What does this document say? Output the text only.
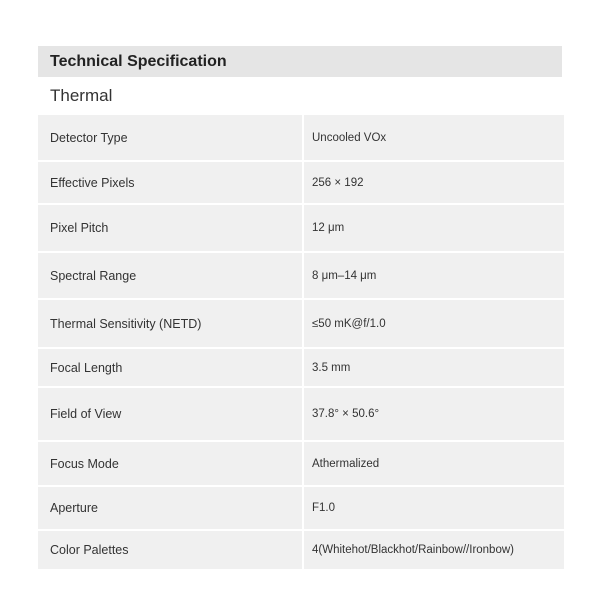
Technical Specification
Thermal
Detector Type	Uncooled VOx
Effective Pixels	256 × 192
Pixel Pitch	12 μm
Spectral Range	8 μm–14 μm
Thermal Sensitivity (NETD)	≤50 mK@f/1.0
Focal Length	3.5 mm
Field of View	37.8° × 50.6°
Focus Mode	Athermalized
Aperture	F1.0
Color Palettes	4(Whitehot/Blackhot/Rainbow//Ironbow)
